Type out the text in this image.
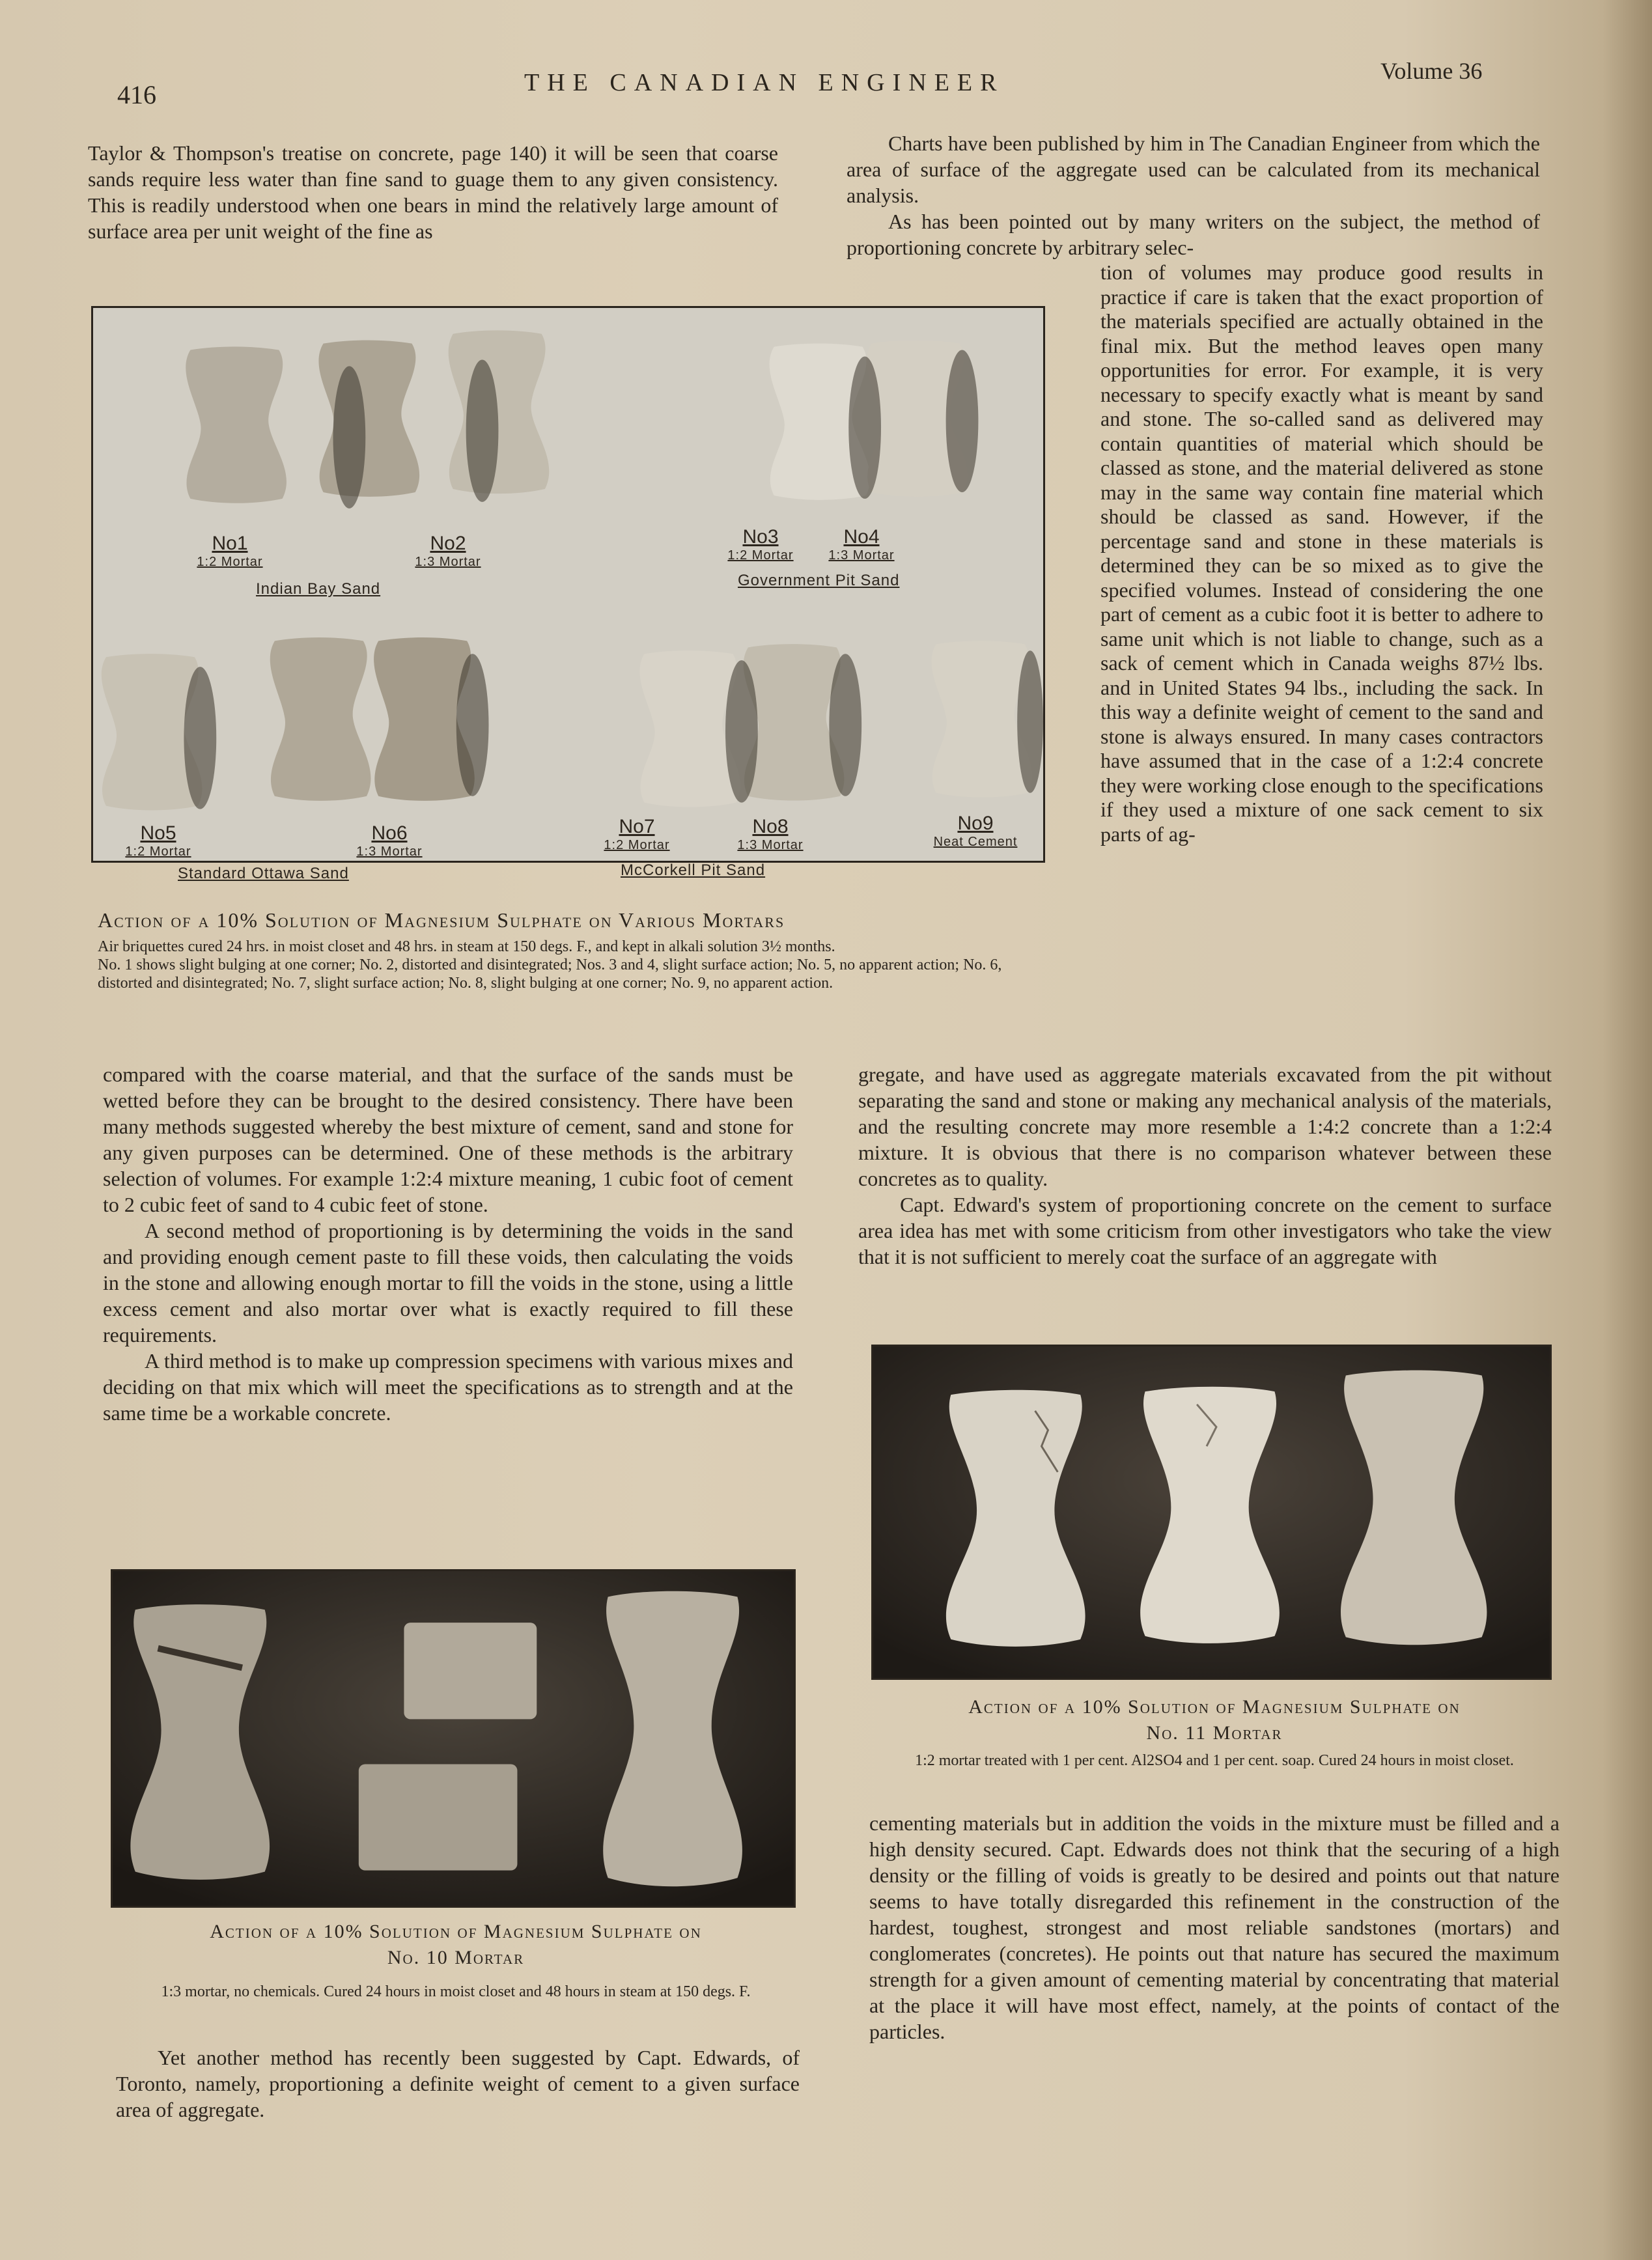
416	THE CANADIAN ENGINEER	Volume 36

Taylor & Thompson's treatise on concrete, page 140) it will be seen that coarse sands require less water than fine sand to guage them to any given consistency. This is readily understood when one bears in mind the relatively large amount of surface area per unit weight of the fine as

Charts have been published by him in The Canadian Engineer from which the area of surface of the aggregate used can be calculated from its mechanical analysis.

As has been pointed out by many writers on the subject, the method of proportioning concrete by arbitrary selec-

tion of volumes may produce good results in practice if care is taken that the exact proportion of the materials specified are actually obtained in the final mix. But the method leaves open many opportunities for error. For example, it is very necessary to specify exactly what is meant by sand and stone. The so-called sand as delivered may contain quantities of material which should be classed as stone, and the material delivered as stone may in the same way contain fine material which should be classed as sand. However, if the percentage sand and stone in these materials is determined they can be so mixed as to give the specified volumes. Instead of considering the one part of cement as a cubic foot it is better to adhere to same unit which is not liable to change, such as a sack of cement which in Canada weighs 87½ lbs. and in United States 94 lbs., including the sack. In this way a definite weight of cement to the sand and stone is always ensured. In many cases contractors have assumed that in the case of a 1:2:4 concrete they were working close enough to the specifications if they used a mixture of one sack cement to six parts of ag-

No1
1:2 Mortar
No2
1:3 Mortar
Indian Bay Sand
No3
1:2 Mortar
No4
1:3 Mortar
Government Pit Sand
No5
1:2 Mortar
No6
1:3 Mortar
Standard Ottawa Sand
No7
1:2 Mortar
No8
1:3 Mortar
McCorkell Pit Sand
No9
Neat Cement
Action of a 10% Solution of Magnesium Sulphate on Various Mortars

Air briquettes cured 24 hrs. in moist closet and 48 hrs. in steam at 150 degs. F., and kept in alkali solution 3½ months.

No. 1 shows slight bulging at one corner; No. 2, distorted and disintegrated; Nos. 3 and 4, slight surface action; No. 5, no apparent action; No. 6, distorted and disintegrated; No. 7, slight surface action; No. 8, slight bulging at one corner; No. 9, no apparent action.

compared with the coarse material, and that the surface of the sands must be wetted before they can be brought to the desired consistency. There have been many methods suggested whereby the best mixture of cement, sand and stone for any given purposes can be determined. One of these methods is the arbitrary selection of volumes. For example 1:2:4 mixture meaning, 1 cubic foot of cement to 2 cubic feet of sand to 4 cubic feet of stone.

A second method of proportioning is by determining the voids in the sand and providing enough cement paste to fill these voids, then calculating the voids in the stone and allowing enough mortar to fill the voids in the stone, using a little excess cement and also mortar over what is exactly required to fill these requirements.

A third method is to make up compression specimens with various mixes and deciding on that mix which will meet the specifications as to strength and at the same time be a workable concrete.

gregate, and have used as aggregate materials excavated from the pit without separating the sand and stone or making any mechanical analysis of the materials, and the resulting concrete may more resemble a 1:4:2 concrete than a 1:2:4 mixture. It is obvious that there is no comparison whatever between these concretes as to quality.

Capt. Edward's system of proportioning concrete on the cement to surface area idea has met with some criticism from other investigators who take the view that it is not sufficient to merely coat the surface of an aggregate with

Action of a 10% Solution of Magnesium Sulphate on
No. 11 Mortar
1:2 mortar treated with 1 per cent. Al2SO4 and 1 per cent. soap. Cured 24 hours in moist closet.

cementing materials but in addition the voids in the mixture must be filled and a high density secured. Capt. Edwards does not think that the securing of a high density or the filling of voids is greatly to be desired and points out that nature seems to have totally disregarded this refinement in the construction of the hardest, toughest, strongest and most reliable sandstones (mortars) and conglomerates (concretes). He points out that nature has secured the maximum strength for a given amount of cementing material by concentrating that material at the place it will have most effect, namely, at the points of contact of the particles.

Action of a 10% Solution of Magnesium Sulphate on
No. 10 Mortar
1:3 mortar, no chemicals. Cured 24 hours in moist closet and 48 hours in steam at 150 degs. F.

Yet another method has recently been suggested by Capt. Edwards, of Toronto, namely, proportioning a definite weight of cement to a given surface area of aggregate.
